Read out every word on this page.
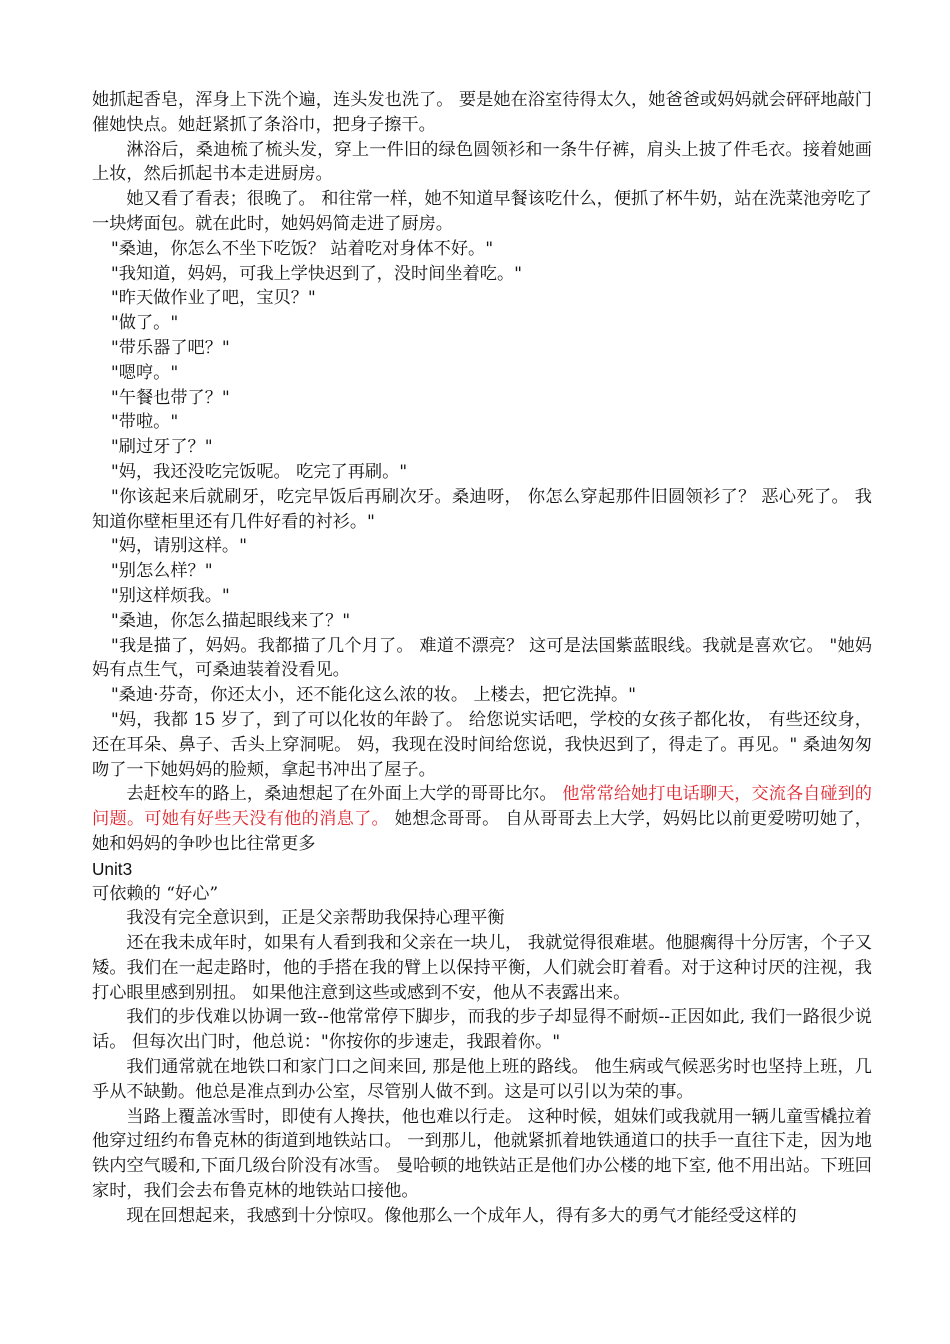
她抓起香皂，浑身上下洗个遍，连头发也洗了。 要是她在浴室待得太久，她爸爸或妈妈就会砰砰地敲门催她快点。她赶紧抓了条浴巾，把身子擦干。

淋浴后，桑迪梳了梳头发，穿上一件旧的绿色圆领衫和一条牛仔裤，肩头上披了件毛衣。接着她画上妆，然后抓起书本走进厨房。

她又看了看表；很晚了。 和往常一样，她不知道早餐该吃什么，便抓了杯牛奶，站在洗菜池旁吃了一块烤面包。就在此时，她妈妈简走进了厨房。

"桑迪，你怎么不坐下吃饭？ 站着吃对身体不好。"

"我知道，妈妈，可我上学快迟到了，没时间坐着吃。"

"昨天做作业了吧，宝贝？"

"做了。"

"带乐器了吧？"

"嗯哼。"

"午餐也带了？"

"带啦。"

"刷过牙了？"

"妈，我还没吃完饭呢。 吃完了再刷。"

"你该起来后就刷牙，吃完早饭后再刷次牙。桑迪呀， 你怎么穿起那件旧圆领衫了？ 恶心死了。 我知道你壁柜里还有几件好看的衬衫。"

"妈，请别这样。"

"别怎么样？"

"别这样烦我。"

"桑迪，你怎么描起眼线来了？"

"我是描了，妈妈。我都描了几个月了。 难道不漂亮？ 这可是法国紫蓝眼线。我就是喜欢它。 "她妈妈有点生气，可桑迪装着没看见。

"桑迪·芬奇，你还太小，还不能化这么浓的妆。 上楼去，把它洗掉。"

"妈，我都 15 岁了，到了可以化妆的年龄了。 给您说实话吧，学校的女孩子都化妆， 有些还纹身，还在耳朵、鼻子、舌头上穿洞呢。 妈，我现在没时间给您说，我快迟到了，得走了。再见。" 桑迪匆匆吻了一下她妈妈的脸颊，拿起书冲出了屋子。

去赶校车的路上，桑迪想起了在外面上大学的哥哥比尔。 他常常给她打电话聊天，交流各自碰到的问题。可她有好些天没有他的消息了。 她想念哥哥。 自从哥哥去上大学，妈妈比以前更爱唠叨她了，她和妈妈的争吵也比往常更多

Unit3

可依赖的 “好心”

我没有完全意识到，正是父亲帮助我保持心理平衡

还在我未成年时，如果有人看到我和父亲在一块儿， 我就觉得很难堪。他腿瘸得十分厉害，个子又矮。我们在一起走路时，他的手搭在我的臂上以保持平衡，人们就会盯着看。对于这种讨厌的注视，我打心眼里感到别扭。 如果他注意到这些或感到不安，他从不表露出来。

我们的步伐难以协调一致--他常常停下脚步，而我的步子却显得不耐烦--正因如此, 我们一路很少说话。 但每次出门时，他总说："你按你的步速走，我跟着你。"

我们通常就在地铁口和家门口之间来回, 那是他上班的路线。 他生病或气候恶劣时也坚持上班，几乎从不缺勤。他总是准点到办公室，尽管别人做不到。这是可以引以为荣的事。

当路上覆盖冰雪时，即使有人搀扶，他也难以行走。 这种时候，姐妹们或我就用一辆儿童雪橇拉着他穿过纽约布鲁克林的街道到地铁站口。 一到那儿，他就紧抓着地铁通道口的扶手一直往下走，因为地铁内空气暖和,下面几级台阶没有冰雪。 曼哈顿的地铁站正是他们办公楼的地下室, 他不用出站。下班回家时，我们会去布鲁克林的地铁站口接他。

现在回想起来，我感到十分惊叹。像他那么一个成年人，得有多大的勇气才能经受这样的
